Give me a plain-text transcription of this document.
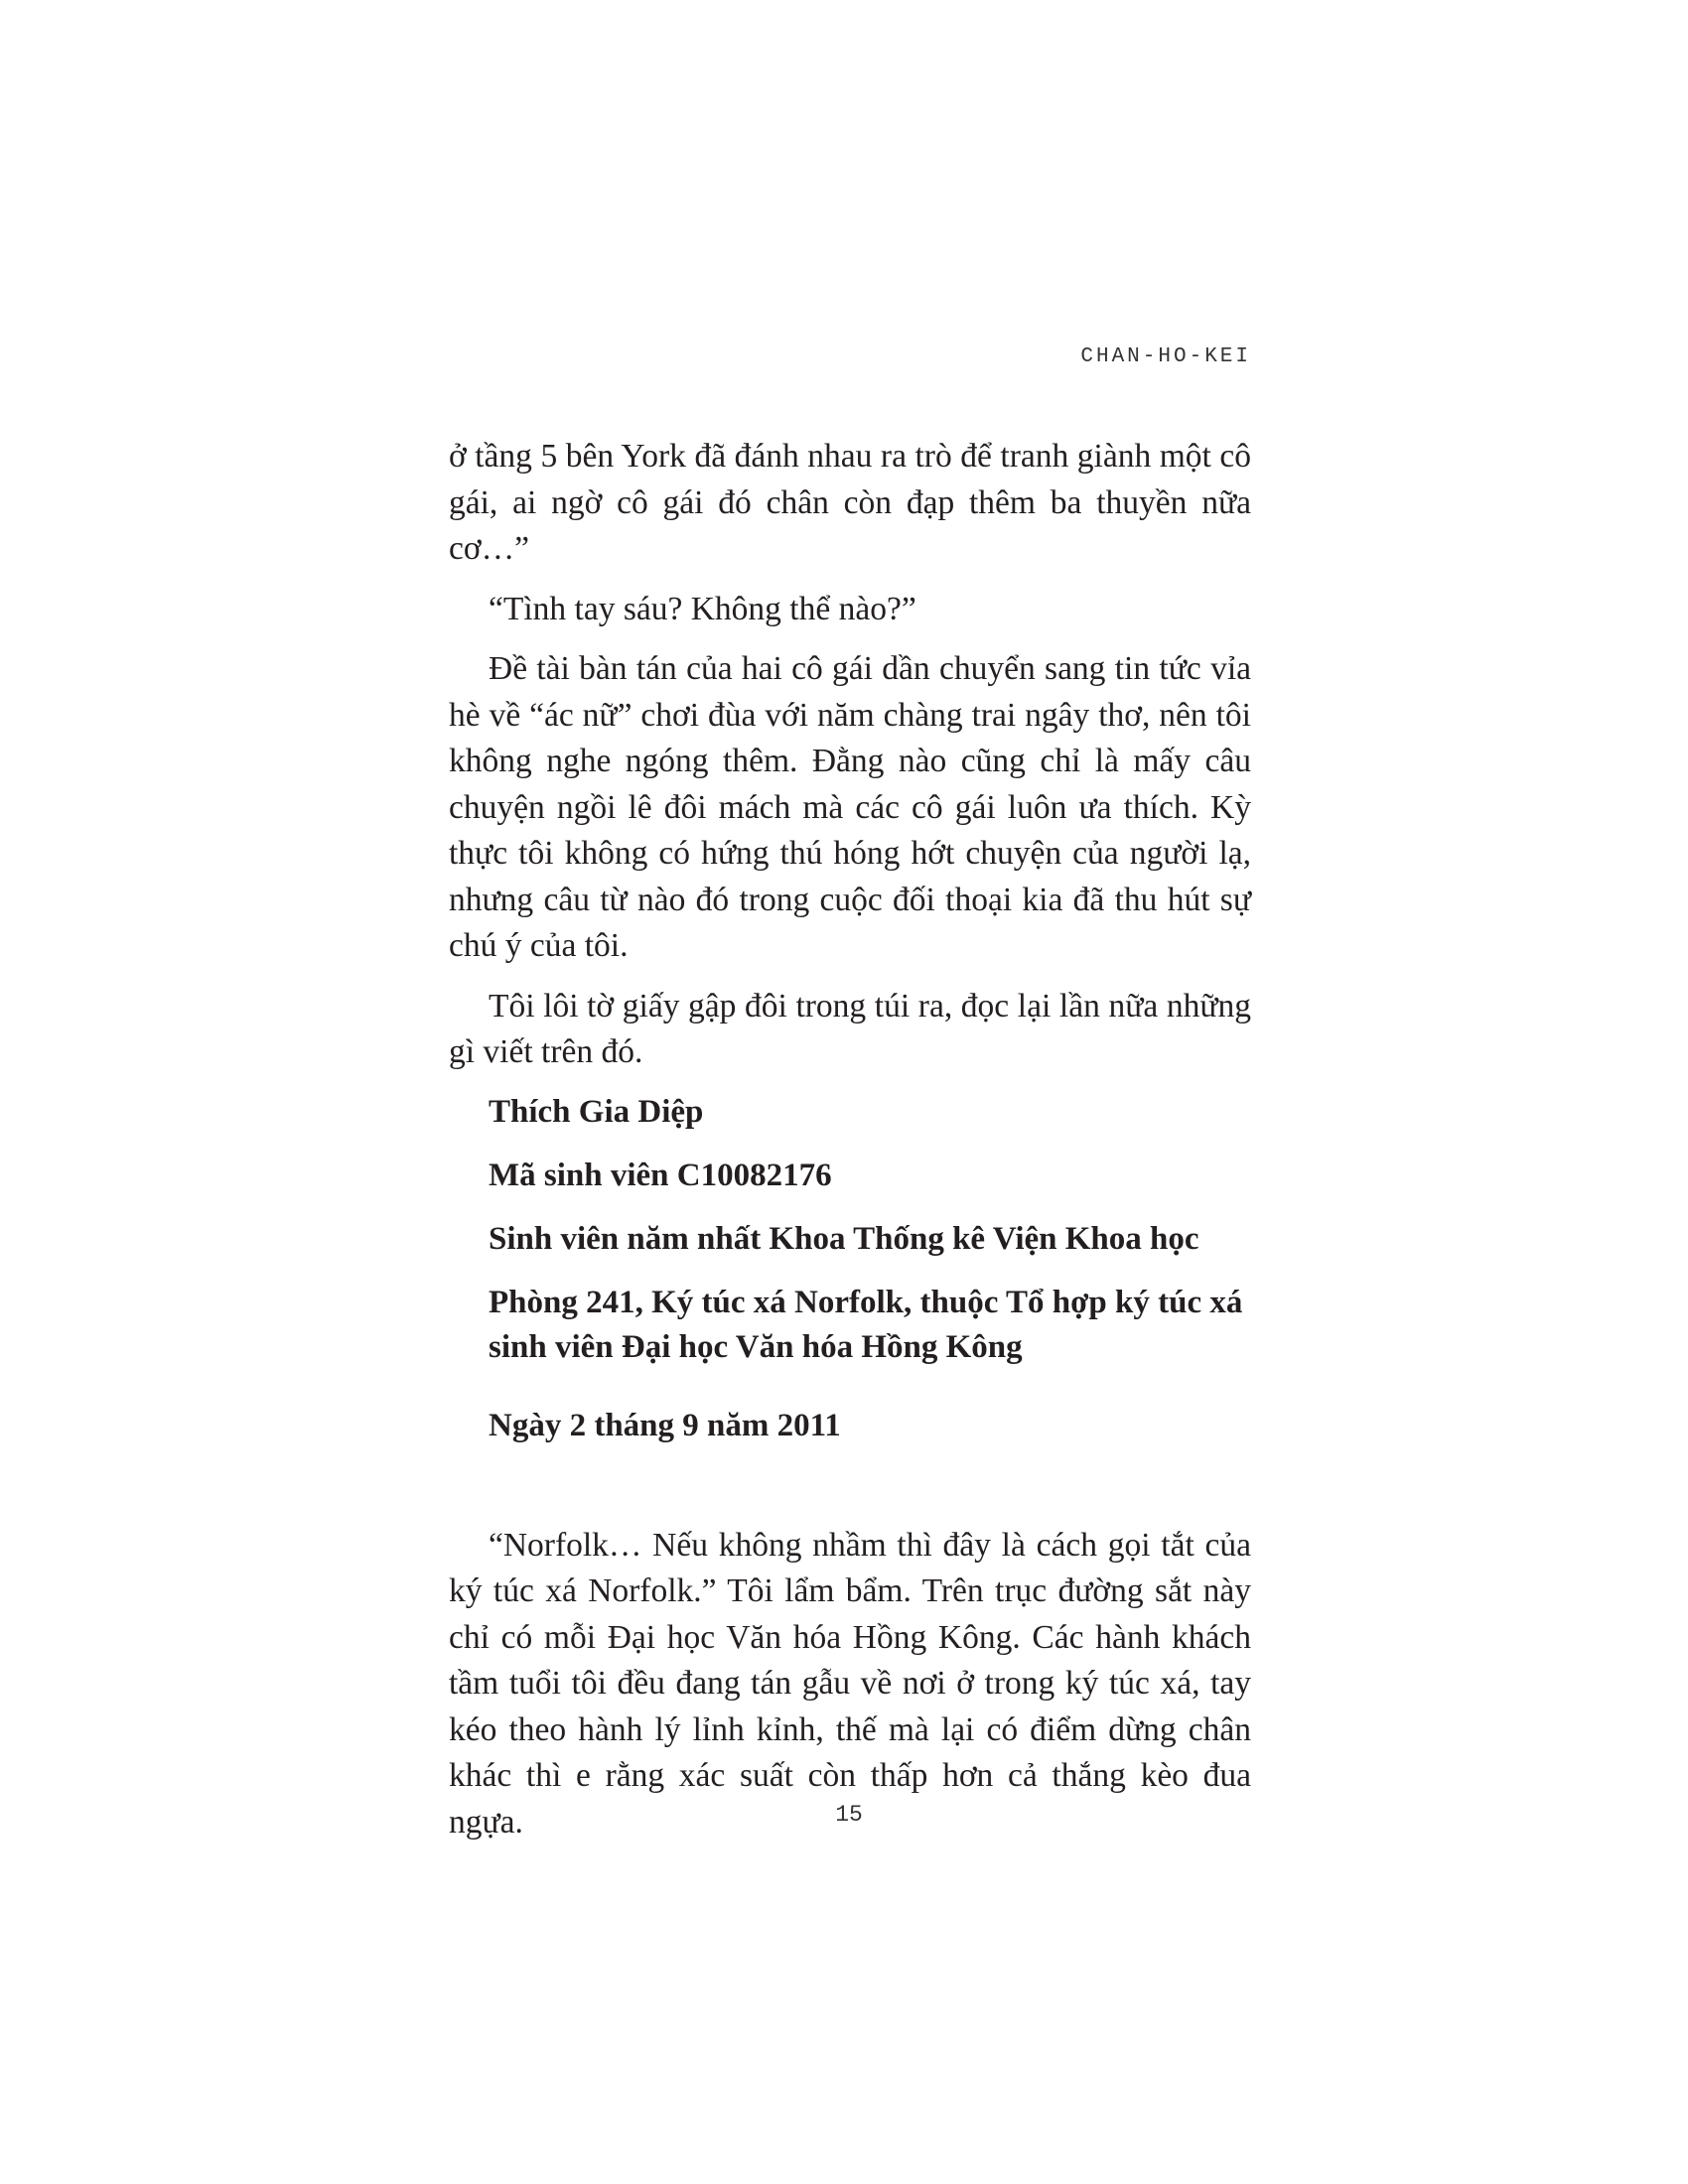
CHAN-HO-KEI

ở tầng 5 bên York đã đánh nhau ra trò để tranh giành một cô gái, ai ngờ cô gái đó chân còn đạp thêm ba thuyền nữa cơ…”

“Tình tay sáu? Không thể nào?”

Đề tài bàn tán của hai cô gái dần chuyển sang tin tức vỉa hè về “ác nữ” chơi đùa với năm chàng trai ngây thơ, nên tôi không nghe ngóng thêm. Đằng nào cũng chỉ là mấy câu chuyện ngồi lê đôi mách mà các cô gái luôn ưa thích. Kỳ thực tôi không có hứng thú hóng hớt chuyện của người lạ, nhưng câu từ nào đó trong cuộc đối thoại kia đã thu hút sự chú ý của tôi.

Tôi lôi tờ giấy gập đôi trong túi ra, đọc lại lần nữa những gì viết trên đó.

Thích Gia Diệp

Mã sinh viên C10082176

Sinh viên năm nhất Khoa Thống kê Viện Khoa học

Phòng 241, Ký túc xá Norfolk, thuộc Tổ hợp ký túc xá sinh viên Đại học Văn hóa Hồng Kông

Ngày 2 tháng 9 năm 2011

“Norfolk… Nếu không nhầm thì đây là cách gọi tắt của ký túc xá Norfolk.” Tôi lẩm bẩm. Trên trục đường sắt này chỉ có mỗi Đại học Văn hóa Hồng Kông. Các hành khách tầm tuổi tôi đều đang tán gẫu về nơi ở trong ký túc xá, tay kéo theo hành lý lỉnh kỉnh, thế mà lại có điểm dừng chân khác thì e rằng xác suất còn thấp hơn cả thắng kèo đua ngựa.	15
